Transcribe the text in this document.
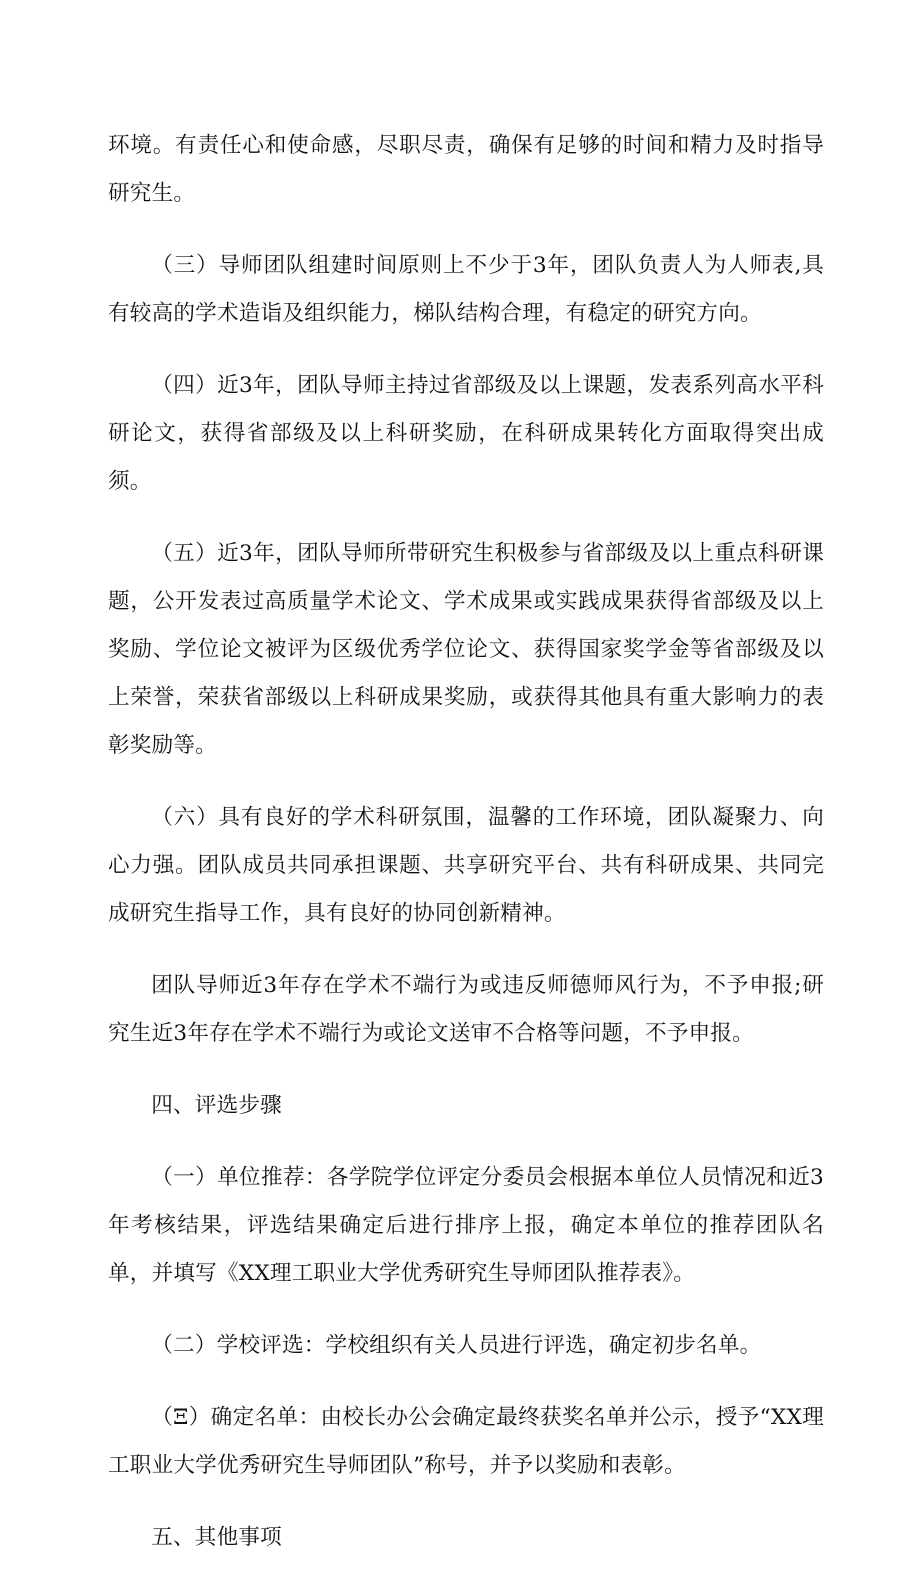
环境。有责任心和使命感，尽职尽责，确保有足够的时间和精力及时指导研究生。

（三）导师团队组建时间原则上不少于3年，团队负责人为人师表,具有较高的学术造诣及组织能力，梯队结构合理，有稳定的研究方向。

（四）近3年，团队导师主持过省部级及以上课题，发表系列高水平科研论文，获得省部级及以上科研奖励，在科研成果转化方面取得突出成须。

（五）近3年，团队导师所带研究生积极参与省部级及以上重点科研课题，公开发表过高质量学术论文、学术成果或实践成果获得省部级及以上奖励、学位论文被评为区级优秀学位论文、获得国家奖学金等省部级及以上荣誉，荣获省部级以上科研成果奖励，或获得其他具有重大影响力的表彰奖励等。

（六）具有良好的学术科研氛围，温馨的工作环境，团队凝聚力、向心力强。团队成员共同承担课题、共享研究平台、共有科研成果、共同完成研究生指导工作，具有良好的协同创新精神。

团队导师近3年存在学术不端行为或违反师德师风行为，不予申报;研究生近3年存在学术不端行为或论文送审不合格等问题，不予申报。

四、评选步骤

（一）单位推荐：各学院学位评定分委员会根据本单位人员情况和近3年考核结果，评选结果确定后进行排序上报，确定本单位的推荐团队名单，并填写《XX理工职业大学优秀研究生导师团队推荐表》。

（二）学校评选：学校组织有关人员进行评选，确定初步名单。

（Ξ）确定名单：由校长办公会确定最终获奖名单并公示，授予“XX理工职业大学优秀研究生导师团队”称号，并予以奖励和表彰。

五、其他事项
